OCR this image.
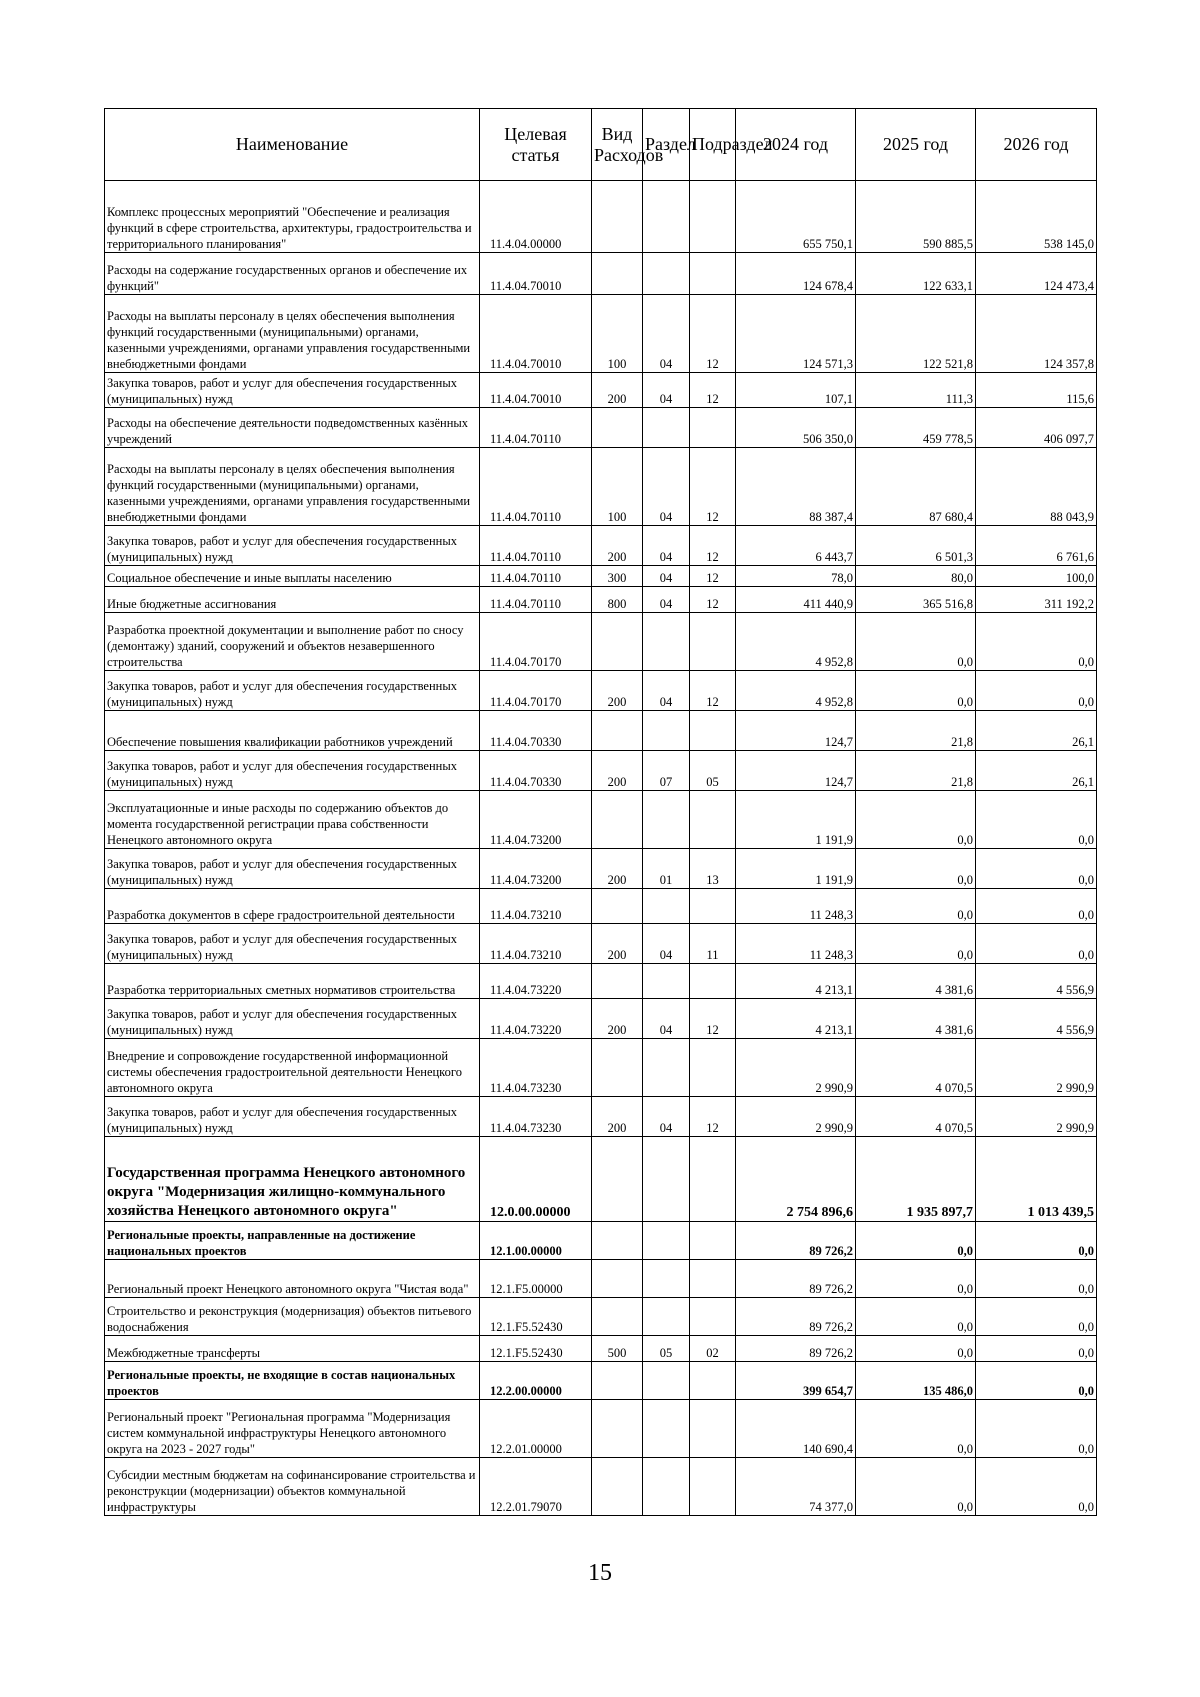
Наименование	Целевая статья	Вид Расходов	Раздел	Подраздел	2024 год	2025 год	2026 год
Комплекс процессных мероприятий "Обеспечение и реализация функций в сфере строительства, архитектуры, градостроительства и территориального планирования"	11.4.04.00000				655 750,1	590 885,5	538 145,0
Расходы на содержание государственных органов и обеспечение их функций"	11.4.04.70010				124 678,4	122 633,1	124 473,4
Расходы на выплаты персоналу в целях обеспечения выполнения функций государственными (муниципальными) органами, казенными учреждениями, органами управления государственными внебюджетными фондами	11.4.04.70010	100	04	12	124 571,3	122 521,8	124 357,8
Закупка товаров, работ и услуг для обеспечения государственных (муниципальных) нужд	11.4.04.70010	200	04	12	107,1	111,3	115,6
Расходы на обеспечение деятельности подведомственных казённых учреждений	11.4.04.70110				506 350,0	459 778,5	406 097,7
Расходы на выплаты персоналу в целях обеспечения выполнения функций государственными (муниципальными) органами, казенными учреждениями, органами управления государственными внебюджетными фондами	11.4.04.70110	100	04	12	88 387,4	87 680,4	88 043,9
Закупка товаров, работ и услуг для обеспечения государственных (муниципальных) нужд	11.4.04.70110	200	04	12	6 443,7	6 501,3	6 761,6
Социальное обеспечение и иные выплаты населению	11.4.04.70110	300	04	12	78,0	80,0	100,0
Иные бюджетные ассигнования	11.4.04.70110	800	04	12	411 440,9	365 516,8	311 192,2
Разработка проектной документации и выполнение работ по сносу (демонтажу) зданий, сооружений и объектов незавершенного строительства	11.4.04.70170				4 952,8	0,0	0,0
Закупка товаров, работ и услуг для обеспечения государственных (муниципальных) нужд	11.4.04.70170	200	04	12	4 952,8	0,0	0,0
Обеспечение повышения квалификации работников учреждений	11.4.04.70330				124,7	21,8	26,1
Закупка товаров, работ и услуг для обеспечения государственных (муниципальных) нужд	11.4.04.70330	200	07	05	124,7	21,8	26,1
Эксплуатационные и иные расходы по содержанию объектов до момента государственной регистрации права собственности Ненецкого автономного округа	11.4.04.73200				1 191,9	0,0	0,0
Закупка товаров, работ и услуг для обеспечения государственных (муниципальных) нужд	11.4.04.73200	200	01	13	1 191,9	0,0	0,0
Разработка документов в сфере градостроительной деятельности	11.4.04.73210				11 248,3	0,0	0,0
Закупка товаров, работ и услуг для обеспечения государственных (муниципальных) нужд	11.4.04.73210	200	04	11	11 248,3	0,0	0,0
Разработка территориальных сметных нормативов строительства	11.4.04.73220				4 213,1	4 381,6	4 556,9
Закупка товаров, работ и услуг для обеспечения государственных (муниципальных) нужд	11.4.04.73220	200	04	12	4 213,1	4 381,6	4 556,9
Внедрение и сопровождение государственной информационной системы обеспечения градостроительной деятельности Ненецкого автономного округа	11.4.04.73230				2 990,9	4 070,5	2 990,9
Закупка товаров, работ и услуг для обеспечения государственных (муниципальных) нужд	11.4.04.73230	200	04	12	2 990,9	4 070,5	2 990,9
Государственная программа Ненецкого автономного округа "Модернизация жилищно-коммунального хозяйства Ненецкого автономного округа"	12.0.00.00000				2 754 896,6	1 935 897,7	1 013 439,5
Региональные проекты, направленные на достижение национальных проектов	12.1.00.00000				89 726,2	0,0	0,0
Региональный проект Ненецкого автономного округа "Чистая вода"	12.1.F5.00000				89 726,2	0,0	0,0
Строительство и реконструкция (модернизация) объектов питьевого водоснабжения	12.1.F5.52430				89 726,2	0,0	0,0
Межбюджетные трансферты	12.1.F5.52430	500	05	02	89 726,2	0,0	0,0
Региональные проекты, не входящие в состав национальных проектов	12.2.00.00000				399 654,7	135 486,0	0,0
Региональный проект "Региональная программа "Модернизация систем коммунальной инфраструктуры Ненецкого автономного округа на 2023 - 2027 годы"	12.2.01.00000				140 690,4	0,0	0,0
Субсидии местным бюджетам на софинансирование строительства и реконструкции (модернизации) объектов коммунальной инфраструктуры	12.2.01.79070				74 377,0	0,0	0,0
15
